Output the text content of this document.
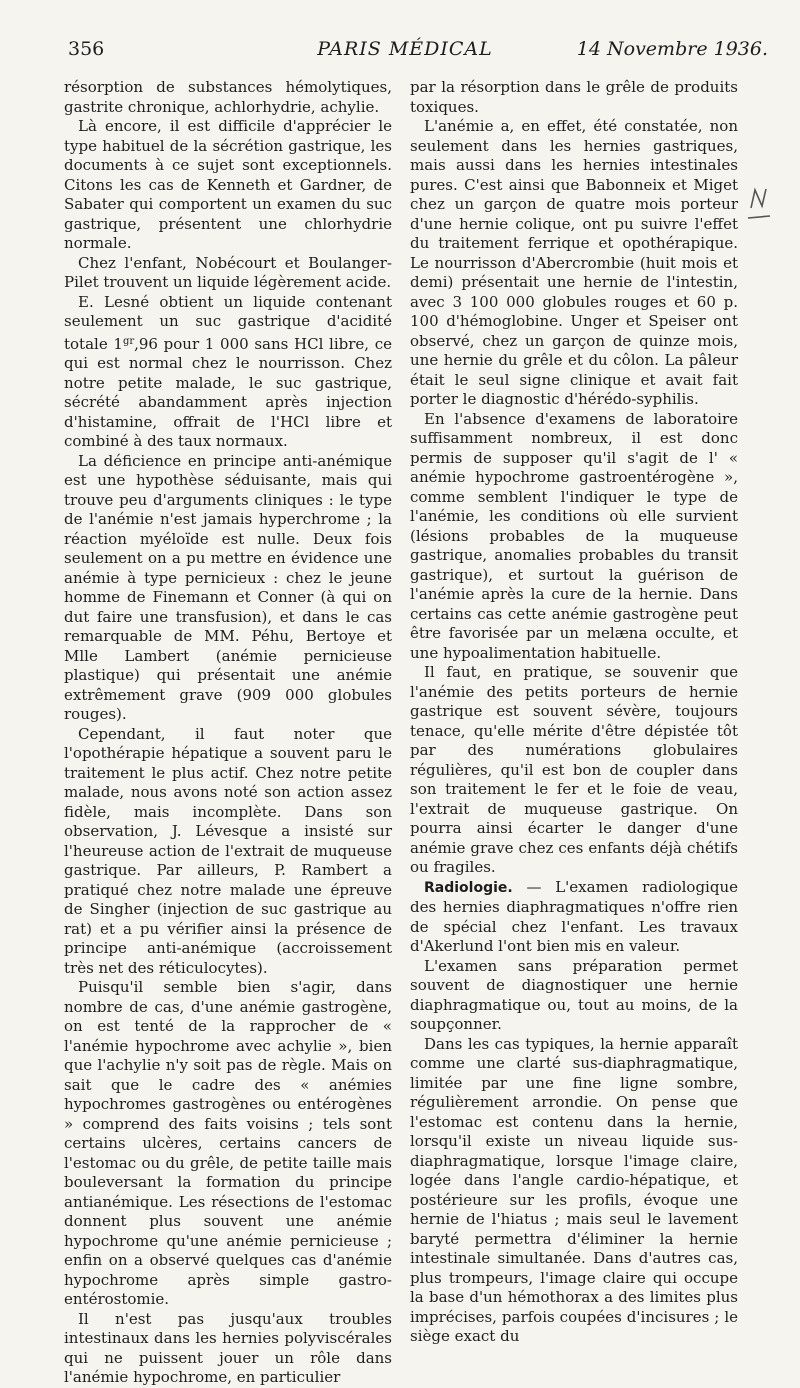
356	PARIS MÉDICAL	14 Novembre 1936.

résorption de substances hémolytiques, gastrite chronique, achlorhydrie, achylie.

Là encore, il est difficile d'apprécier le type habituel de la sécrétion gastrique, les documents à ce sujet sont exceptionnels. Citons les cas de Kenneth et Gardner, de Sabater qui comportent un examen du suc gastrique, présentent une chlorhydrie normale.

Chez l'enfant, Nobécourt et Boulanger-Pilet trouvent un liquide légèrement acide.

E. Lesné obtient un liquide contenant seulement un suc gastrique d'acidité totale $1^{gr},96$ pour 1 000 sans HCl libre, ce qui est normal chez le nourrisson. Chez notre petite malade, le suc gastrique, sécrété abandamment après injection d'histamine, offrait de l'HCl libre et combiné à des taux normaux.

La déficience en principe anti-anémique est une hypothèse séduisante, mais qui trouve peu d'arguments cliniques : le type de l'anémie n'est jamais hyperchrome ; la réaction myéloïde est nulle. Deux fois seulement on a pu mettre en évidence une anémie à type pernicieux : chez le jeune homme de Finemann et Conner (à qui on dut faire une transfusion), et dans le cas remarquable de MM. Péhu, Bertoye et Mlle Lambert (anémie pernicieuse plastique) qui présentait une anémie extrêmement grave (909 000 globules rouges).

Cependant, il faut noter que l'opothérapie hépatique a souvent paru le traitement le plus actif. Chez notre petite malade, nous avons noté son action assez fidèle, mais incomplète. Dans son observation, J. Lévesque a insisté sur l'heureuse action de l'extrait de muqueuse gastrique. Par ailleurs, P. Rambert a pratiqué chez notre malade une épreuve de Singher (injection de suc gastrique au rat) et a pu vérifier ainsi la présence de principe anti-anémique (accroissement très net des réticulocytes).

Puisqu'il semble bien s'agir, dans nombre de cas, d'une anémie gastrogène, on est tenté de la rapprocher de « l'anémie hypochrome avec achylie », bien que l'achylie n'y soit pas de règle. Mais on sait que le cadre des « anémies hypochromes gastrogènes ou entérogènes » comprend des faits voisins ; tels sont certains ulcères, certains cancers de l'estomac ou du grêle, de petite taille mais bouleversant la formation du principe antianémique. Les résections de l'estomac donnent plus souvent une anémie hypochrome qu'une anémie pernicieuse ; enfin on a observé quelques cas d'anémie hypochrome après simple gastro-entérostomie.

Il n'est pas jusqu'aux troubles intestinaux dans les hernies polyviscérales qui ne puissent jouer un rôle dans l'anémie hypochrome, en particulier

par la résorption dans le grêle de produits toxiques.

L'anémie a, en effet, été constatée, non seulement dans les hernies gastriques, mais aussi dans les hernies intestinales pures. C'est ainsi que Babonneix et Miget chez un garçon de quatre mois porteur d'une hernie colique, ont pu suivre l'effet du traitement ferrique et opothérapique. Le nourrisson d'Abercrombie (huit mois et demi) présentait une hernie de l'intestin, avec 3 100 000 globules rouges et 60 p. 100 d'hémoglobine. Unger et Speiser ont observé, chez un garçon de quinze mois, une hernie du grêle et du côlon. La pâleur était le seul signe clinique et avait fait porter le diagnostic d'hérédo-syphilis.

En l'absence d'examens de laboratoire suffisamment nombreux, il est donc permis de supposer qu'il s'agit de l' « anémie hypochrome gastroentérogène », comme semblent l'indiquer le type de l'anémie, les conditions où elle survient (lésions probables de la muqueuse gastrique, anomalies probables du transit gastrique), et surtout la guérison de l'anémie après la cure de la hernie. Dans certains cas cette anémie gastrogène peut être favorisée par un melæna occulte, et une hypoalimentation habituelle.

Il faut, en pratique, se souvenir que l'anémie des petits porteurs de hernie gastrique est souvent sévère, toujours tenace, qu'elle mérite d'être dépistée tôt par des numérations globulaires régulières, qu'il est bon de coupler dans son traitement le fer et le foie de veau, l'extrait de muqueuse gastrique. On pourra ainsi écarter le danger d'une anémie grave chez ces enfants déjà chétifs ou fragiles.

Radiologie. — L'examen radiologique des hernies diaphragmatiques n'offre rien de spécial chez l'enfant. Les travaux d'Akerlund l'ont bien mis en valeur.

L'examen sans préparation permet souvent de diagnostiquer une hernie diaphragmatique ou, tout au moins, de la soupçonner.

Dans les cas typiques, la hernie apparaît comme une clarté sus-diaphragmatique, limitée par une fine ligne sombre, régulièrement arrondie. On pense que l'estomac est contenu dans la hernie, lorsqu'il existe un niveau liquide sus-diaphragmatique, lorsque l'image claire, logée dans l'angle cardio-hépatique, et postérieure sur les profils, évoque une hernie de l'hiatus ; mais seul le lavement baryté permettra d'éliminer la hernie intestinale simultanée. Dans d'autres cas, plus trompeurs, l'image claire qui occupe la base d'un hémothorax a des limites plus imprécises, parfois coupées d'incisures ; le siège exact du
